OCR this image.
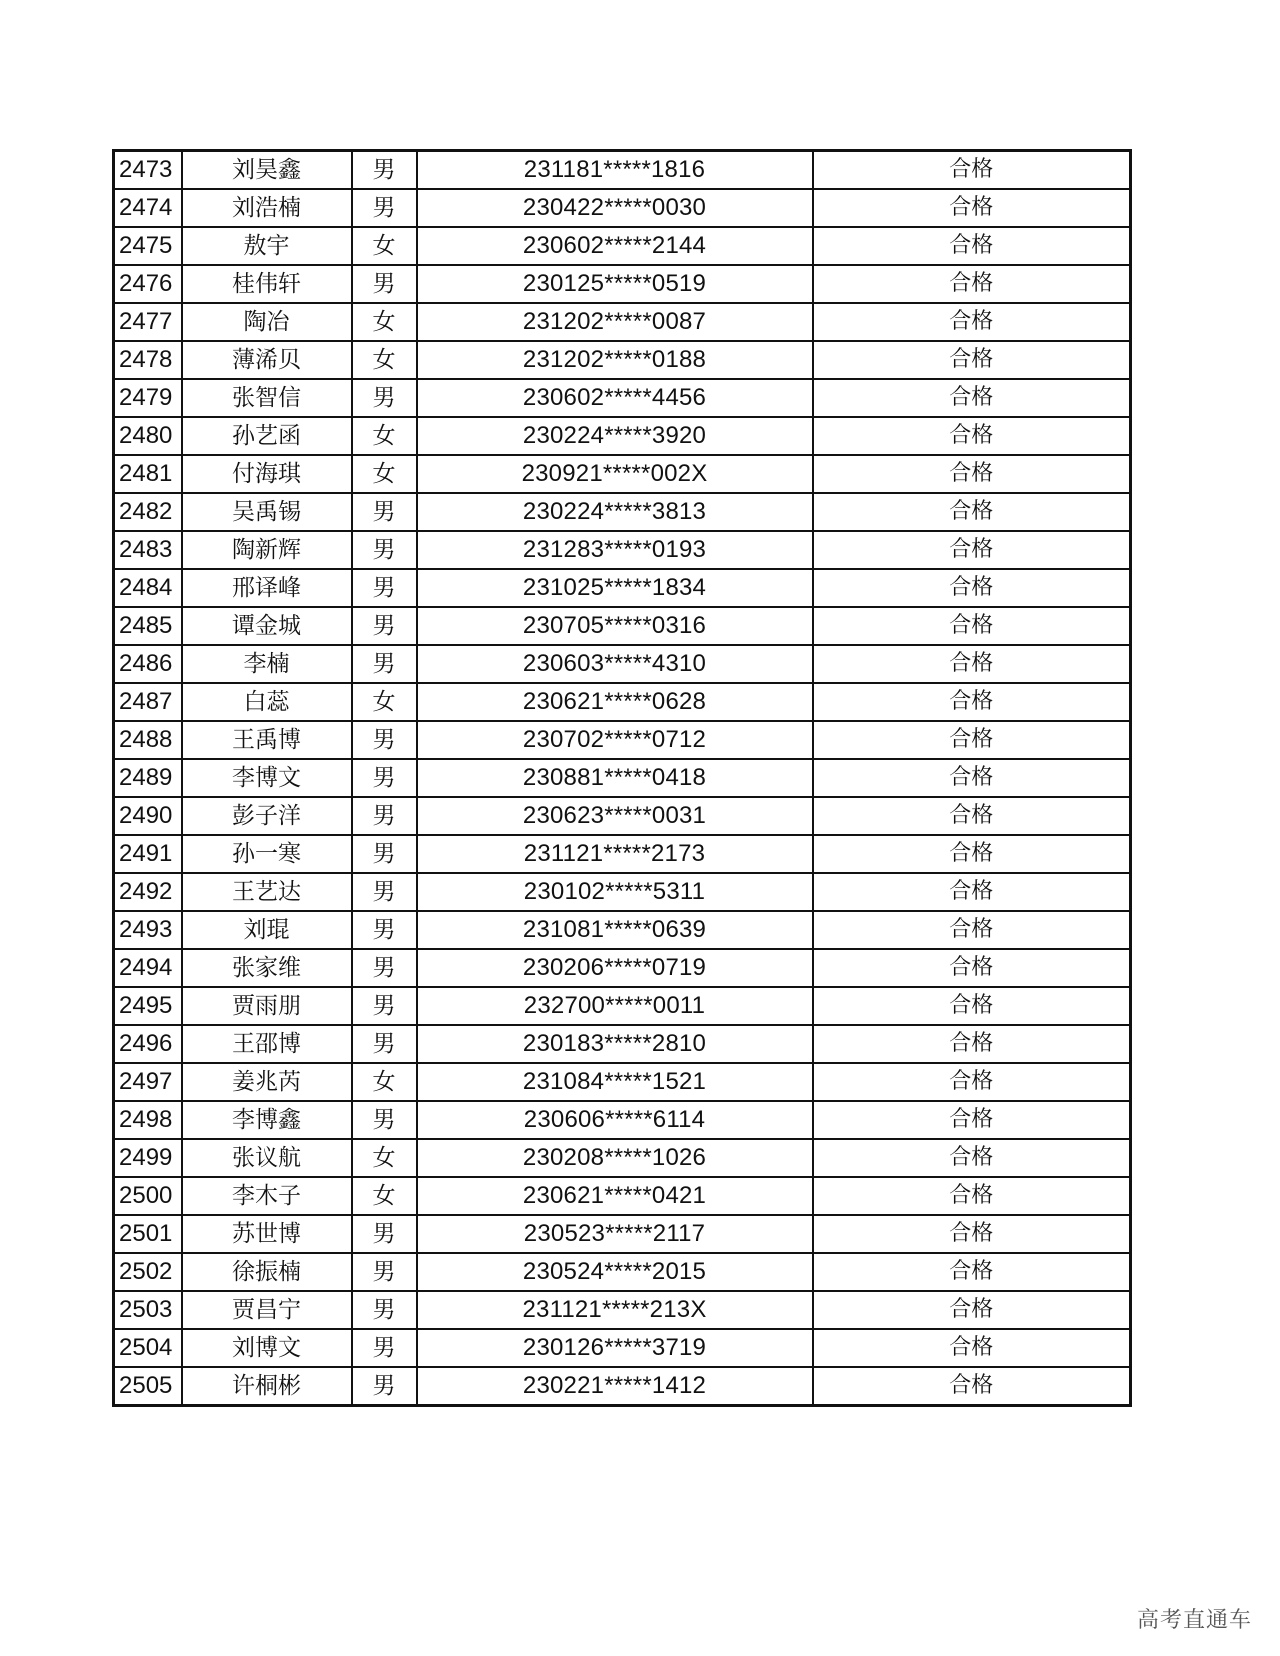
2473	刘昊鑫	男	231181*****1816	合格
2474	刘浩楠	男	230422*****0030	合格
2475	敖宇	女	230602*****2144	合格
2476	桂伟轩	男	230125*****0519	合格
2477	陶冶	女	231202*****0087	合格
2478	薄浠贝	女	231202*****0188	合格
2479	张智信	男	230602*****4456	合格
2480	孙艺函	女	230224*****3920	合格
2481	付海琪	女	230921*****002X	合格
2482	吴禹锡	男	230224*****3813	合格
2483	陶新辉	男	231283*****0193	合格
2484	邢译峰	男	231025*****1834	合格
2485	谭金城	男	230705*****0316	合格
2486	李楠	男	230603*****4310	合格
2487	白蕊	女	230621*****0628	合格
2488	王禹博	男	230702*****0712	合格
2489	李博文	男	230881*****0418	合格
2490	彭子洋	男	230623*****0031	合格
2491	孙一寒	男	231121*****2173	合格
2492	王艺达	男	230102*****5311	合格
2493	刘琨	男	231081*****0639	合格
2494	张家维	男	230206*****0719	合格
2495	贾雨朋	男	232700*****0011	合格
2496	王邵博	男	230183*****2810	合格
2497	姜兆芮	女	231084*****1521	合格
2498	李博鑫	男	230606*****6114	合格
2499	张议航	女	230208*****1026	合格
2500	李木子	女	230621*****0421	合格
2501	苏世博	男	230523*****2117	合格
2502	徐振楠	男	230524*****2015	合格
2503	贾昌宁	男	231121*****213X	合格
2504	刘博文	男	230126*****3719	合格
2505	许桐彬	男	230221*****1412	合格
高考直通车
